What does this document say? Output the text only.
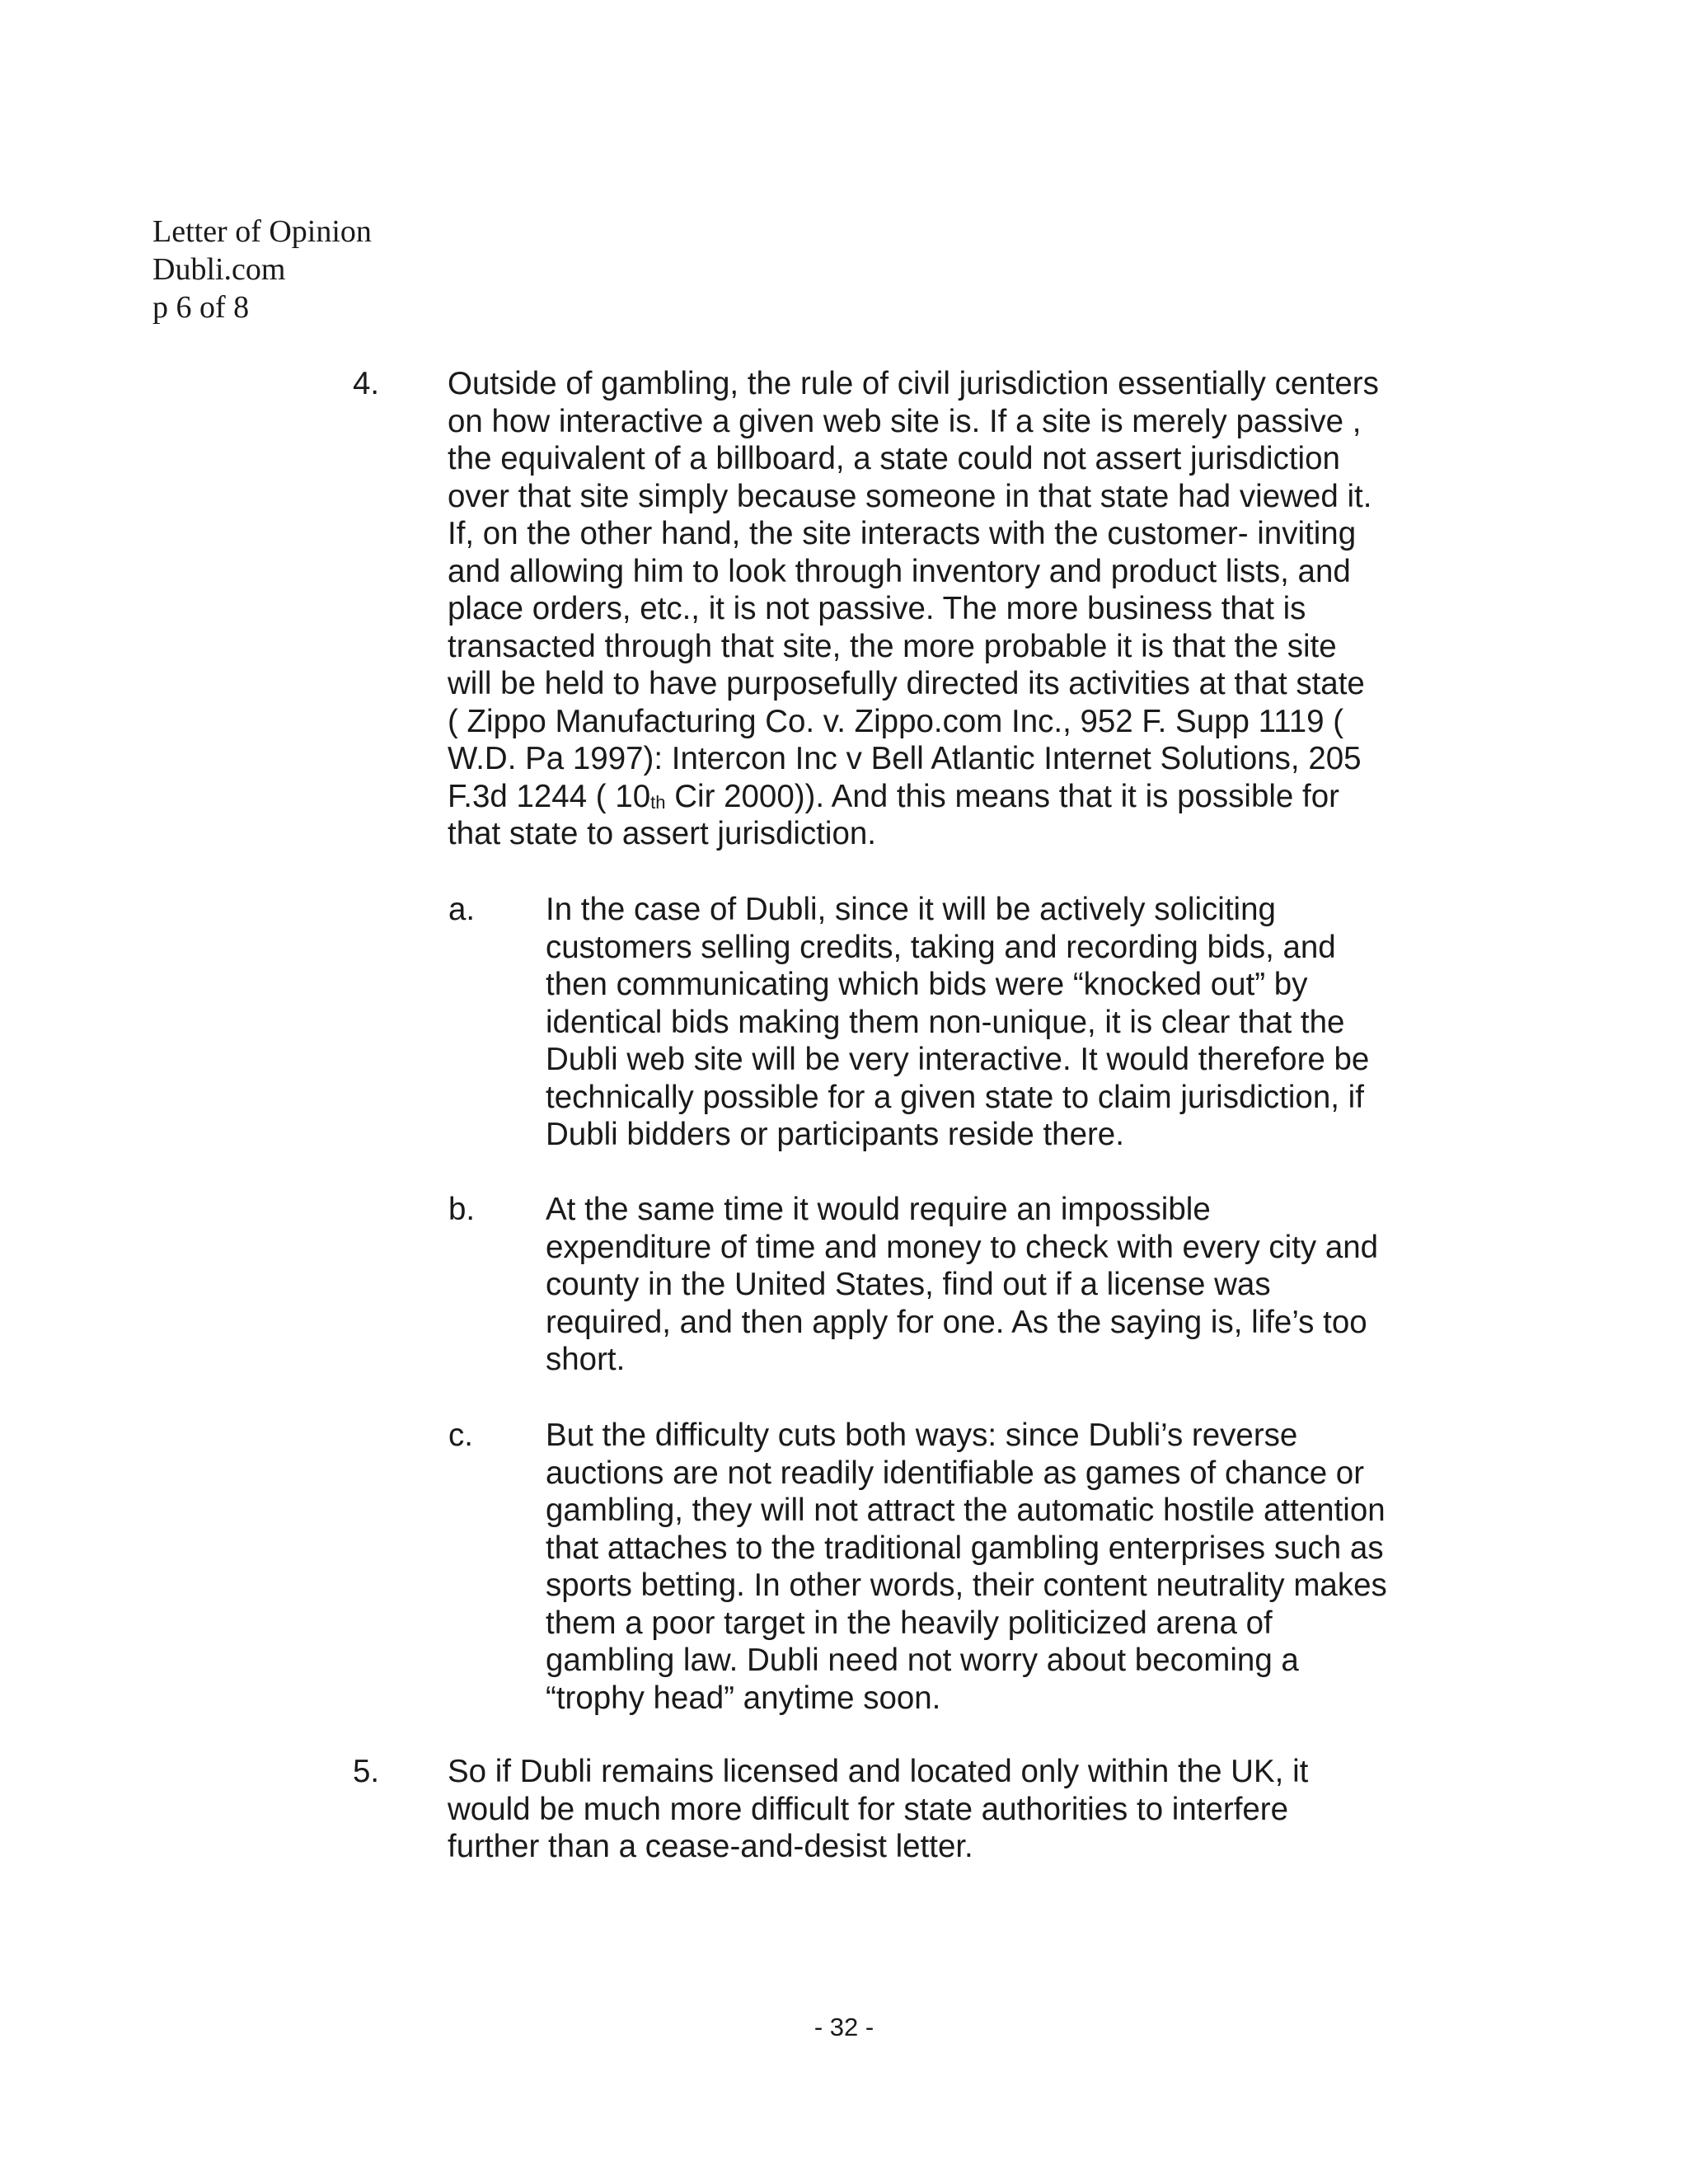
Letter of Opinion
Dubli.com
p 6 of 8
4. Outside of gambling, the rule of civil jurisdiction essentially centers
on how interactive a given web site is. If a site is merely passive ,
the equivalent of a billboard, a state could not assert jurisdiction
over that site simply because someone in that state had viewed it.
If, on the other hand, the site interacts with the customer- inviting
and allowing him to look through inventory and product lists, and
place orders, etc., it is not passive. The more business that is
transacted through that site, the more probable it is that the site
will be held to have purposefully directed its activities at that state
( Zippo Manufacturing Co. v. Zippo.com Inc., 952 F. Supp 1119 (
W.D. Pa 1997): Intercon Inc v Bell Atlantic Internet Solutions, 205
F.3d 1244 ( 10th Cir 2000)). And this means that it is possible for
that state to assert jurisdiction.
a. In the case of Dubli, since it will be actively soliciting
customers selling credits, taking and recording bids, and
then communicating which bids were “knocked out” by
identical bids making them non-unique, it is clear that the
Dubli web site will be very interactive. It would therefore be
technically possible for a given state to claim jurisdiction, if
Dubli bidders or participants reside there.
b. At the same time it would require an impossible
expenditure of time and money to check with every city and
county in the United States, find out if a license was
required, and then apply for one. As the saying is, life’s too
short.
c. But the difficulty cuts both ways: since Dubli’s reverse
auctions are not readily identifiable as games of chance or
gambling, they will not attract the automatic hostile attention
that attaches to the traditional gambling enterprises such as
sports betting. In other words, their content neutrality makes
them a poor target in the heavily politicized arena of
gambling law. Dubli need not worry about becoming a
“trophy head” anytime soon.
5. So if Dubli remains licensed and located only within the UK, it
would be much more difficult for state authorities to interfere
further than a cease-and-desist letter.
- 32 -
